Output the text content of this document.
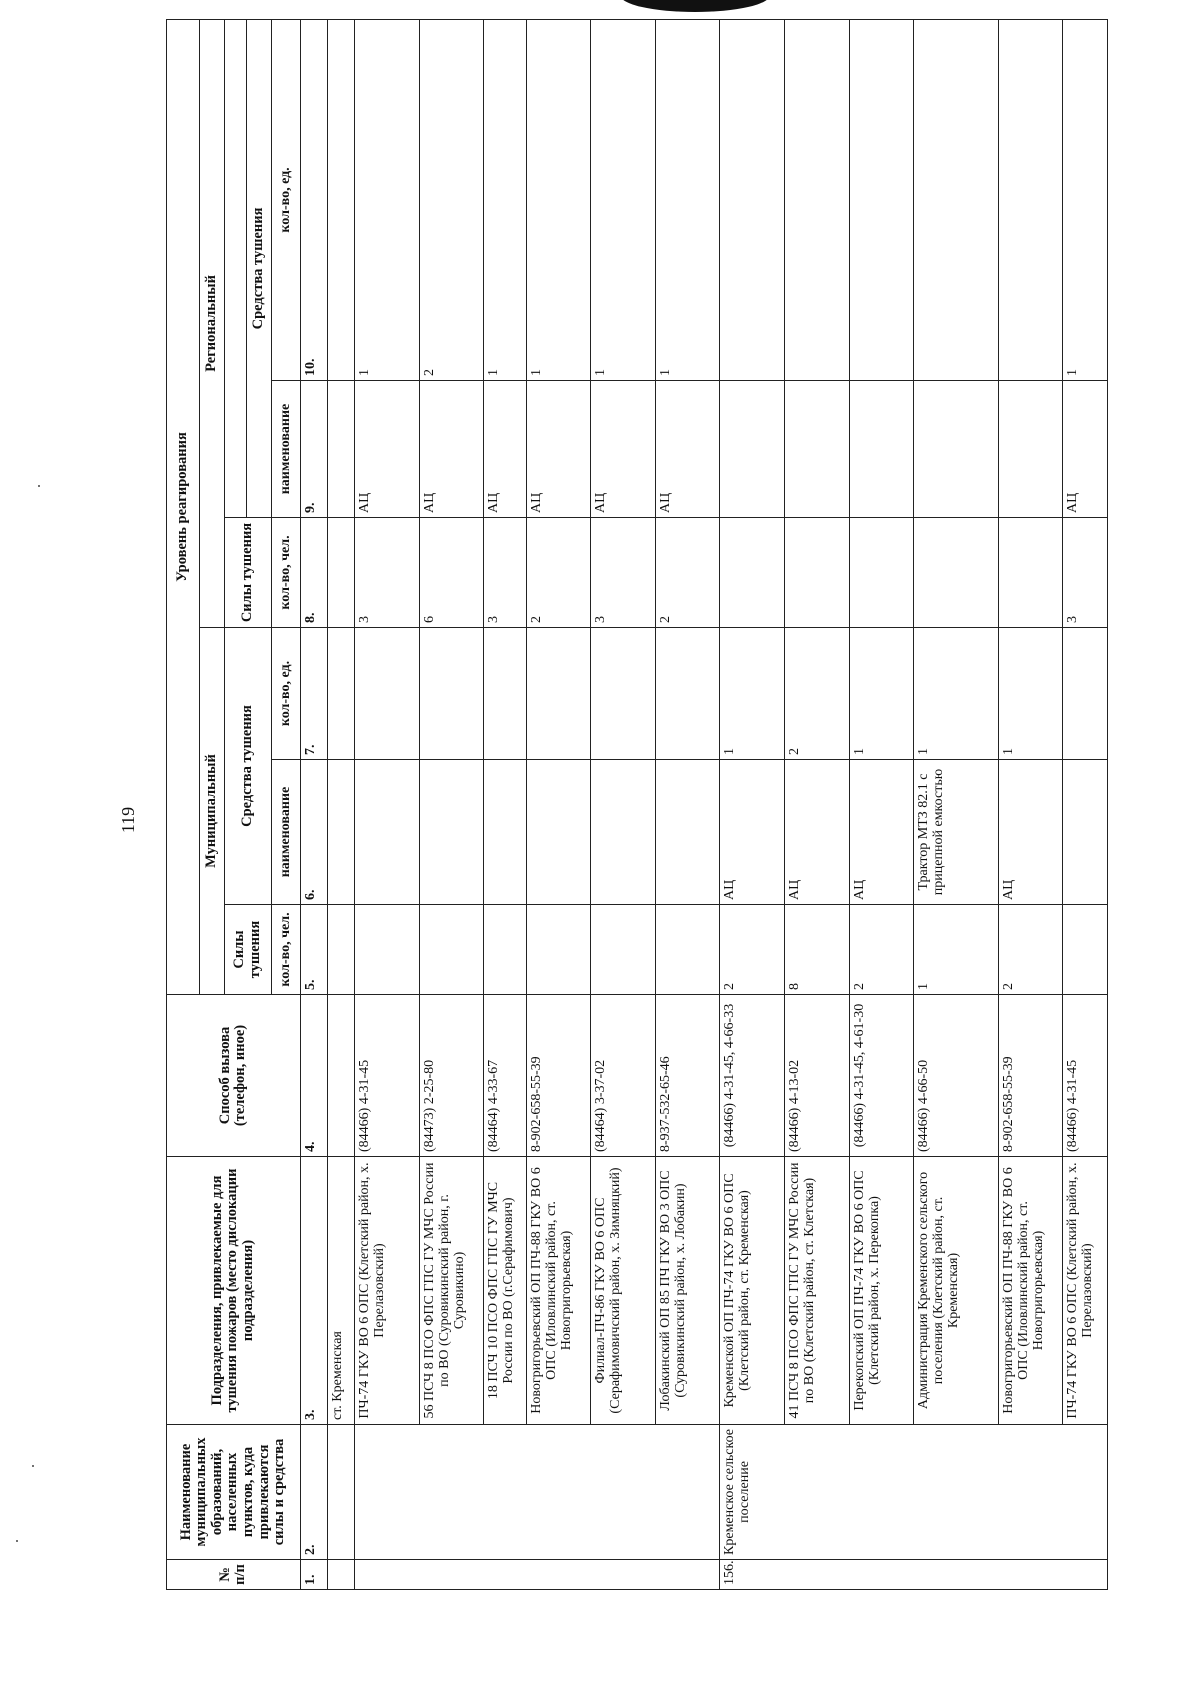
119
№ п/п	Наименование муниципальных образований, населенных пунктов, куда привлекаются силы и средства	Подразделения, привлекаемые для тушения пожаров (место дислокации подразделения)	Способ вызова (телефон, иное)	Уровень реагирования					
				Муниципальный			Региональный		
				Силы тушения	Средства тушения		Силы тушения		
								Средства тушения	
				кол-во, чел.	наименование	кол-во, ед.	кол-во, чел.	наименование	кол-во, ед.
1.	2.	3.	4.	5.	6.	7.	8.	9.	10.
		ст. Кременская							
		ПЧ-74 ГКУ ВО 6 ОПС (Клетский район, х. Перелазовский)	(84466) 4-31-45				3	АЦ	1
		56 ПСЧ 8 ПСО ФПС ГПС ГУ МЧС России по ВО (Суровикинский район, г. Суровикино)	(84473) 2-25-80				6	АЦ	2
		18 ПСЧ 10 ПСО ФПС ГПС ГУ МЧС России по ВО (г.Серафимович)	(84464) 4-33-67				3	АЦ	1
		Новогригорьевский ОП ПЧ-88 ГКУ ВО 6 ОПС (Иловлинский район, ст. Новогригорьевская)	8-902-658-55-39				2	АЦ	1
		Филиал-ПЧ-86 ГКУ ВО 6 ОПС (Серафимовичский район, х. Зимняцкий)	(84464) 3-37-02				3	АЦ	1
		Лобакинский ОП 85 ПЧ ГКУ ВО 3 ОПС (Суровикинский район, х. Лобакин)	8-937-532-65-46				2	АЦ	1
156.	Кременское сельское поселение	Кременской ОП ПЧ-74 ГКУ ВО 6 ОПС (Клетский район, ст. Кременская)	(84466) 4-31-45, 4-66-33	2	АЦ	1			
		41 ПСЧ 8 ПСО ФПС ГПС ГУ МЧС России по ВО (Клетский район, ст. Клетская)	(84466) 4-13-02	8	АЦ	2			
		Перекопский ОП ПЧ-74 ГКУ ВО 6 ОПС (Клетский район, х. Перекопка)	(84466) 4-31-45, 4-61-30	2	АЦ	1			
		Администрация Кременского сельского поселения (Клетский район, ст. Кременская)	(84466) 4-66-50	1	Трактор МТЗ 82.1 с прицепной емкостью	1			
		Новогригорьевский ОП ПЧ-88 ГКУ ВО 6 ОПС (Иловлинский район, ст. Новогригорьевская)	8-902-658-55-39	2	АЦ	1			
		ПЧ-74 ГКУ ВО 6 ОПС (Клетский район, х. Перелазовский)	(84466) 4-31-45				3	АЦ	1
